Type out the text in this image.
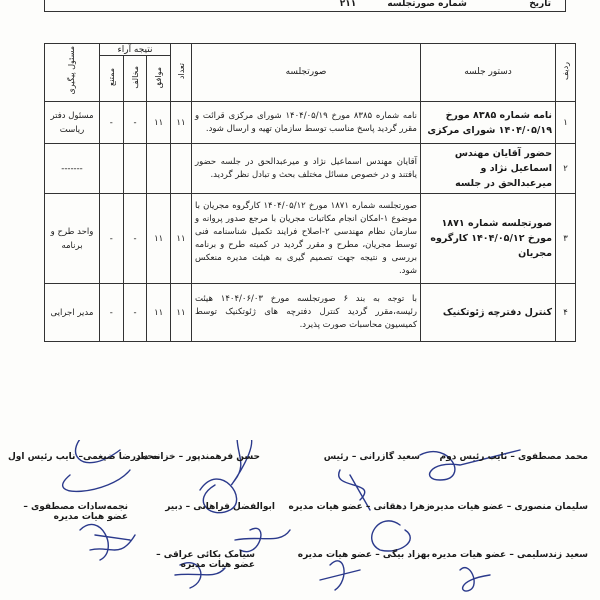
تاریخ  شماره صورتجلسه ۲۱۱
ردیف	دستور جلسه	صورتجلسه	تعداد	نتیجه آراء			مسئول پیگیری
				موافق	مخالف	ممتنع	
۱	نامه شماره ۸۳۸۵ مورخ ۱۴۰۴/۰۵/۱۹ شورای مرکزی	نامه شماره ۸۳۸۵ مورخ ۱۴۰۴/۰۵/۱۹ شورای مرکزی قرائت و مقرر گردید پاسخ مناسب توسط سازمان تهیه و ارسال شود.	۱۱	۱۱	-	-	مسئول دفتر ریاست
۲	حضور آقایان مهندس اسماعیل نژاد و میرعبدالحق در جلسه	آقایان مهندس اسماعیل نژاد و میرعبدالحق در جلسه حضور یافتند و در خصوص مسائل مختلف بحث و تبادل نظر گردید.					-------
۳	صورتجلسه شماره ۱۸۷۱ مورخ ۱۴۰۴/۰۵/۱۲ کارگروه مجریان	صورتجلسه شماره ۱۸۷۱ مورخ ۱۴۰۴/۰۵/۱۲ کارگروه مجریان با موضوع ۱-امکان انجام مکاتبات مجریان با مرجع صدور پروانه و سازمان نظام مهندسی ۲-اصلاح فرایند تکمیل شناسنامه فنی توسط مجریان، مطرح و مقرر گردید در کمیته طرح و برنامه بررسی و نتیجه جهت تصمیم گیری به هیئت مدیره منعکس شود.	۱۱	۱۱	-	-	واحد طرح و برنامه
۴	کنترل دفترچه ژئوتکنیک	با توجه به بند ۶ صورتجلسه مورخ ۱۴۰۴/۰۶/۰۳ هیئت رئیسه،مقرر گردید کنترل دفترچه های ژئوتکنیک توسط کمیسیون محاسبات صورت پذیرد.	۱۱	۱۱	-	-	مدیر اجرایی
محمد مصطفوی – نایب رئیس دوم
سعید گازرانی – رئیس
حسن فرهمندپور – خزانه دار
محمدرضا ضیغمی– نایب رئیس اول
سلیمان منصوری – عضو هیات مدیره
زهرا دهقانی – عضو هیات مدیره
ابوالفضل فراهانی – دبیر
نجمه‌سادات مصطفوی – عضو هیات مدیره
سعید زندسلیمی – عضو هیات مدیره
بهزاد بیگی – عضو هیات مدیره
سیامک بکائی عراقی – عضو هیات مدیره
